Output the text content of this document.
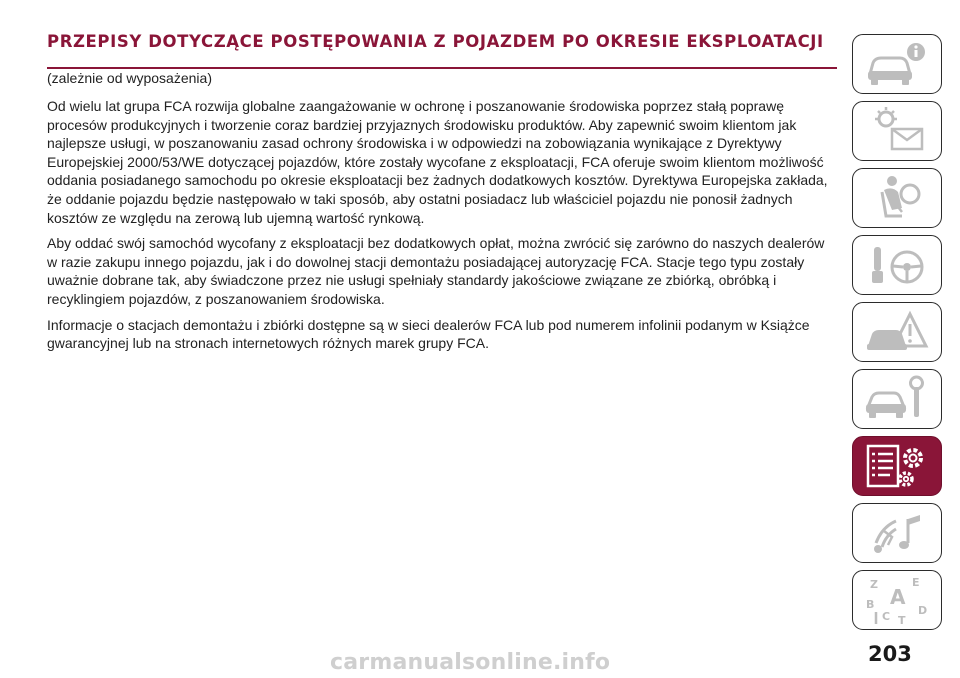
PRZEPISY DOTYCZĄCE POSTĘPOWANIA Z POJAZDEM PO OKRESIE EKSPLOATACJI

(zależnie od wyposażenia)

Od wielu lat grupa FCA rozwija globalne zaangażowanie w ochronę i poszanowanie środowiska poprzez stałą poprawę procesów produkcyjnych i tworzenie coraz bardziej przyjaznych środowisku produktów. Aby zapewnić swoim klientom jak najlepsze usługi, w poszanowaniu zasad ochrony środowiska i w odpowiedzi na zobowiązania wynikające z Dyrektywy Europejskiej 2000/53/WE dotyczącej pojazdów, które zostały wycofane z eksploatacji, FCA oferuje swoim klientom możliwość oddania posiadanego samochodu po okresie eksploatacji bez żadnych dodatkowych kosztów. Dyrektywa Europejska zakłada, że oddanie pojazdu będzie następowało w taki sposób, aby ostatni posiadacz lub właściciel pojazdu nie ponosił żadnych kosztów ze względu na zerową lub ujemną wartość rynkową.

Aby oddać swój samochód wycofany z eksploatacji bez dodatkowych opłat, można zwrócić się zarówno do naszych dealerów w razie zakupu innego pojazdu, jak i do dowolnej stacji demontażu posiadającej autoryzację FCA. Stacje tego typu zostały uważnie dobrane tak, aby świadczone przez nie usługi spełniały standardy jakościowe związane ze zbiórką, obróbką i recyklingiem pojazdów, z poszanowaniem środowiska.

Informacje o stacjach demontażu i zbiórki dostępne są w sieci dealerów FCA lub pod numerem infolinii podanym w Książce gwarancyjnej lub na stronach internetowych różnych marek grupy FCA.

Z	E
B A
D
C T
203
carmanualsonline.info
